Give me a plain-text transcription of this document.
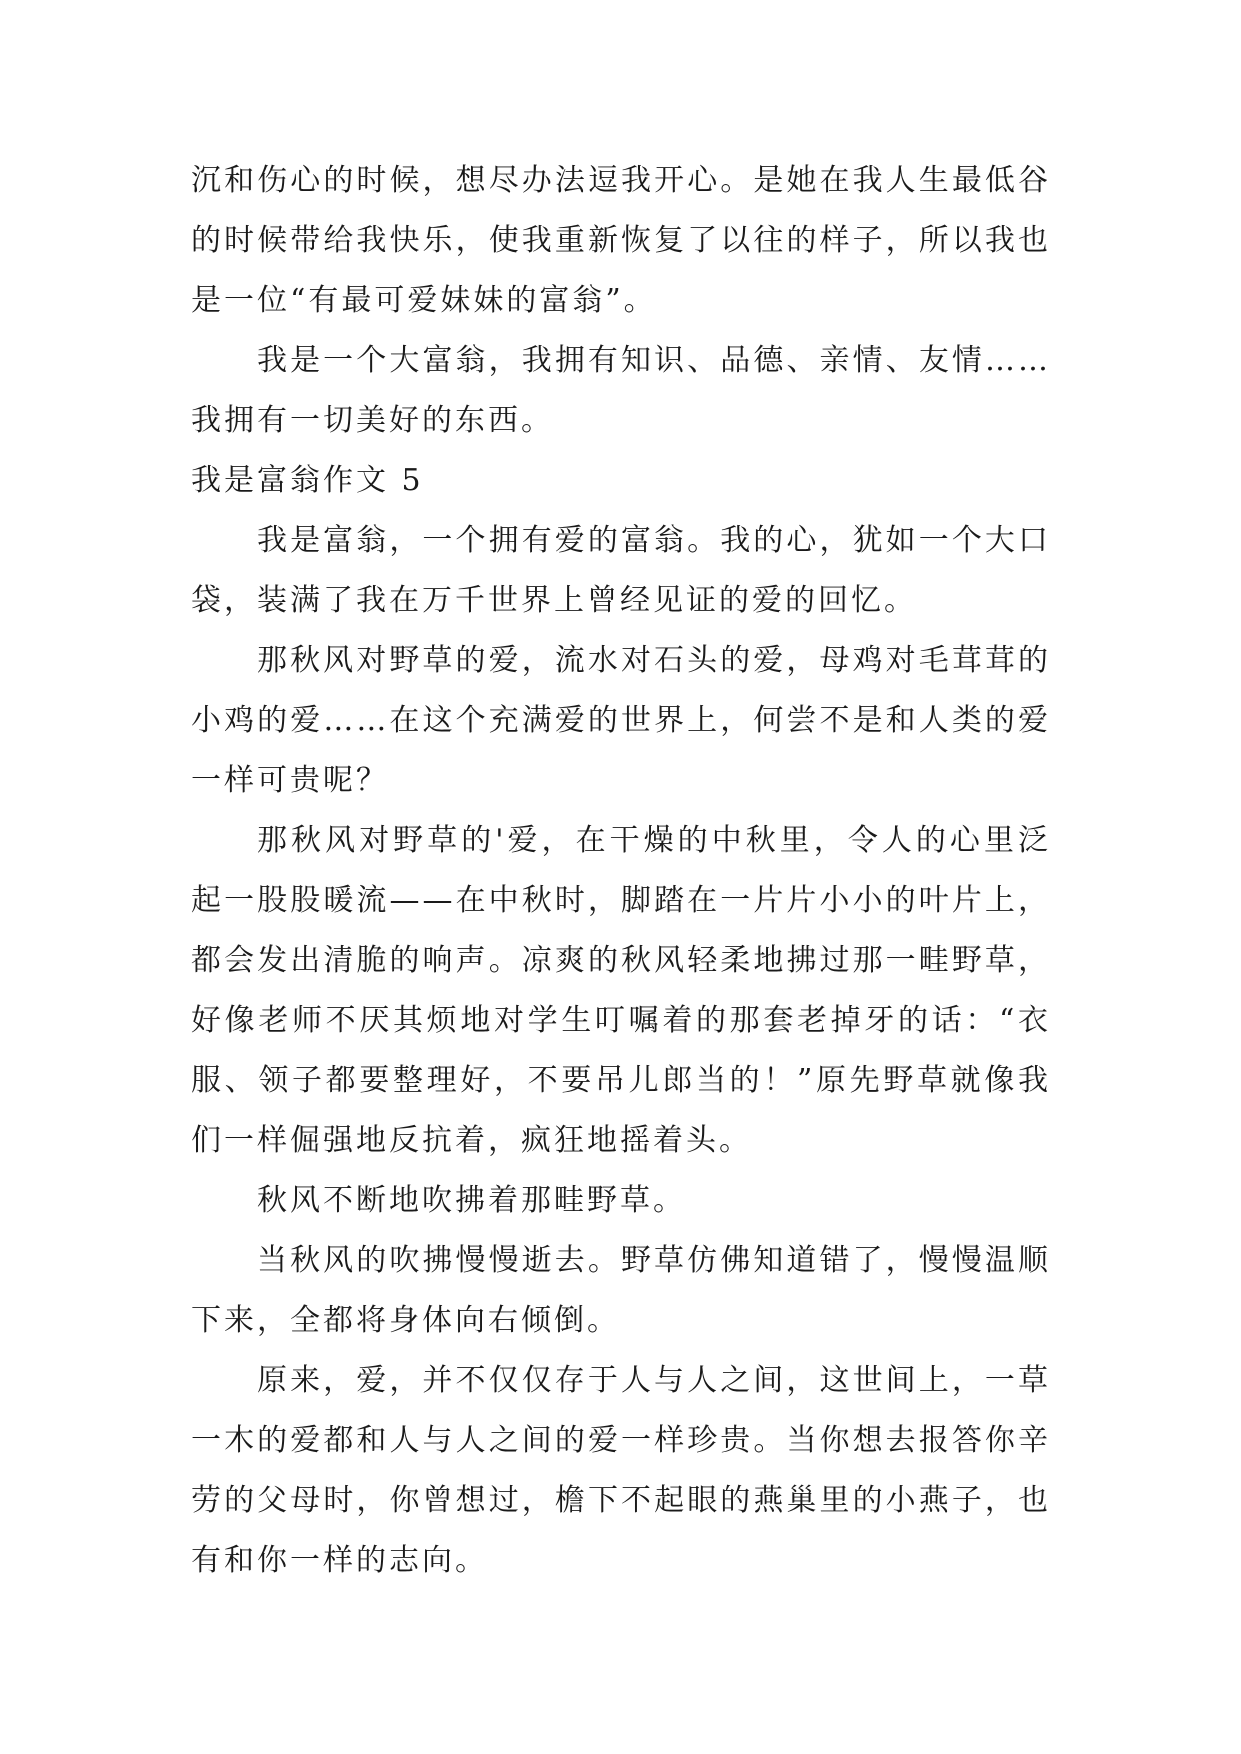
沉和伤心的时候，想尽办法逗我开心。是她在我人生最低谷的时候带给我快乐，使我重新恢复了以往的样子，所以我也是一位“有最可爱妹妹的富翁”。

我是一个大富翁，我拥有知识、品德、亲情、友情……我拥有一切美好的东西。

我是富翁作文 5

我是富翁，一个拥有爱的富翁。我的心，犹如一个大口袋，装满了我在万千世界上曾经见证的爱的回忆。

那秋风对野草的爱，流水对石头的爱，母鸡对毛茸茸的小鸡的爱……在这个充满爱的世界上，何尝不是和人类的爱一样可贵呢？

那秋风对野草的'爱，在干燥的中秋里，令人的心里泛起一股股暖流——在中秋时，脚踏在一片片小小的叶片上，都会发出清脆的响声。凉爽的秋风轻柔地拂过那一畦野草，好像老师不厌其烦地对学生叮嘱着的那套老掉牙的话：“衣服、领子都要整理好，不要吊儿郎当的！”原先野草就像我们一样倔强地反抗着，疯狂地摇着头。

秋风不断地吹拂着那畦野草。

当秋风的吹拂慢慢逝去。野草仿佛知道错了，慢慢温顺下来，全都将身体向右倾倒。

原来，爱，并不仅仅存于人与人之间，这世间上，一草一木的爱都和人与人之间的爱一样珍贵。当你想去报答你辛劳的父母时，你曾想过，檐下不起眼的燕巢里的小燕子，也有和你一样的志向。
